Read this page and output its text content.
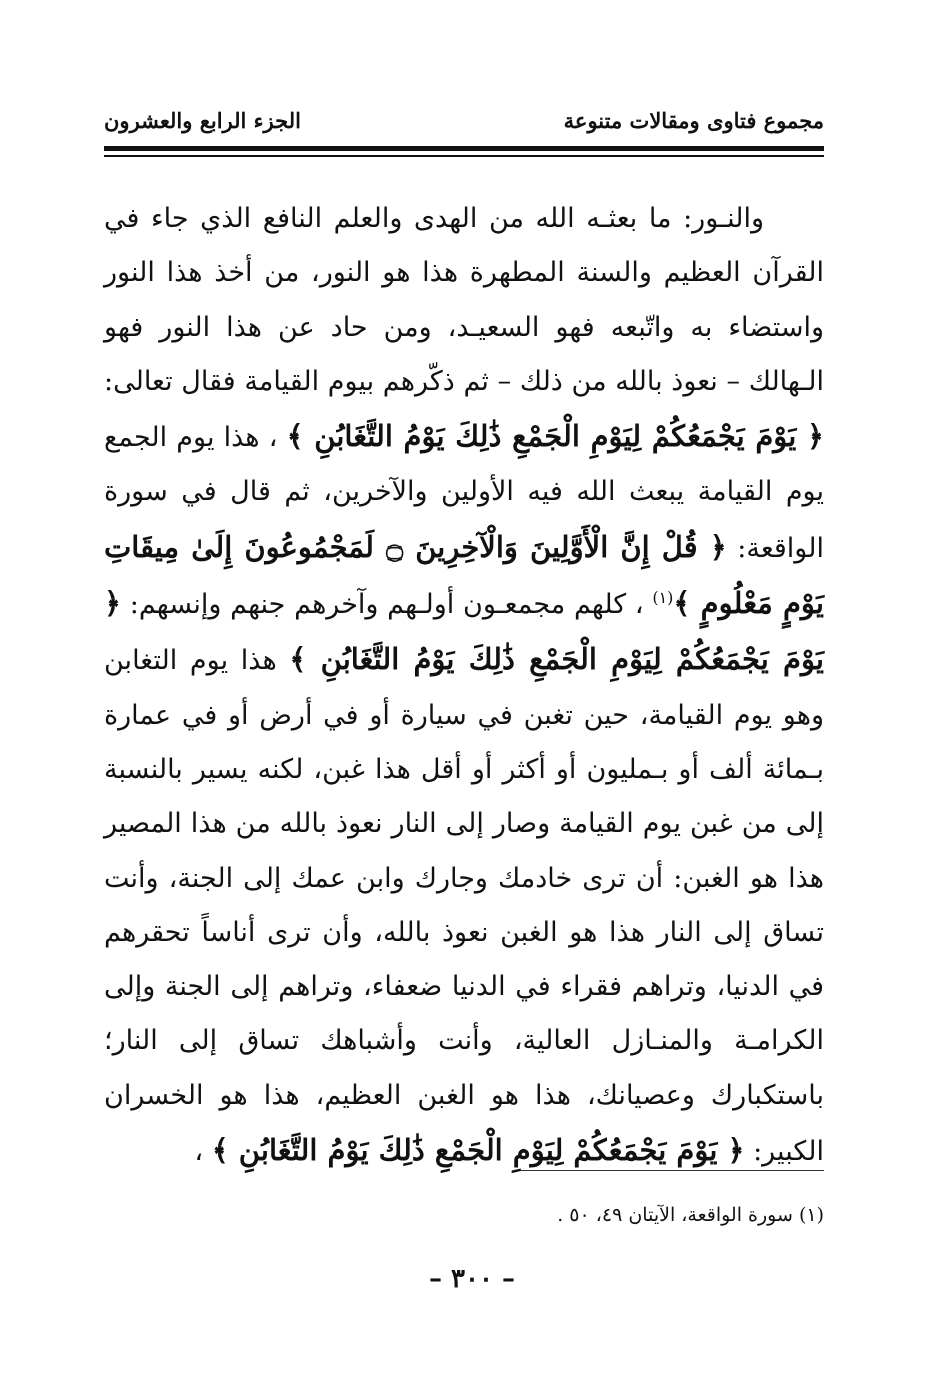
مجموع فتاوى ومقالات متنوعة
الجزء الرابع والعشرون

والنـور: ما بعثـه الله من الهدى والعلم النافع الذي جاء في القرآن العظيم والسنة المطهرة هذا هو النور، من أخذ هذا النور واستضاء به واتّبعه فهو السعيـد، ومن حاد عن هذا النور فهو الـهالك – نعوذ بالله من ذلك – ثم ذكّرهم بيوم القيامة فقال تعالى: ﴿ يَوْمَ يَجْمَعُكُمْ لِيَوْمِ الْجَمْعِ ذَٰلِكَ يَوْمُ التَّغَابُنِ ﴾ ، هذا يوم الجمع يوم القيامة يبعث الله فيه الأولين والآخرين، ثم قال في سورة الواقعة: ﴿ قُلْ إِنَّ الْأَوَّلِينَ وَالْآخِرِينَ ۝ لَمَجْمُوعُونَ إِلَىٰ مِيقَاتِ يَوْمٍ مَعْلُومٍ ﴾$^{(١)}$ ، كلهم مجمعـون أولـهم وآخرهم جنهم وإنسهم: ﴿ يَوْمَ يَجْمَعُكُمْ لِيَوْمِ الْجَمْعِ ذَٰلِكَ يَوْمُ التَّغَابُنِ ﴾ هذا يوم التغابن وهو يوم القيامة، حين تغبن في سيارة أو في أرض أو في عمارة بـمائة ألف أو بـمليون أو أكثر أو أقل هذا غبن، لكنه يسير بالنسبة إلى من غبن يوم القيامة وصار إلى النار نعوذ بالله من هذا المصير هذا هو الغبن: أن ترى خادمك وجارك وابن عمك إلى الجنة، وأنت تساق إلى النار هذا هو الغبن نعوذ بالله، وأن ترى أناساً تحقرهم في الدنيا، وتراهم فقراء في الدنيا ضعفاء، وتراهم إلى الجنة وإلى الكرامـة والمنـازل العالية، وأنت وأشباهك تساق إلى النار؛ باستكبارك وعصيانك، هذا هو الغبن العظيم، هذا هو الخسران الكبير: ﴿ يَوْمَ يَجْمَعُكُمْ لِيَوْمِ الْجَمْعِ ذَٰلِكَ يَوْمُ التَّغَابُنِ ﴾ ،

(١) سورة الواقعة، الآيتان ٤٩، ٥٠ .
– ٣٠٠ –
